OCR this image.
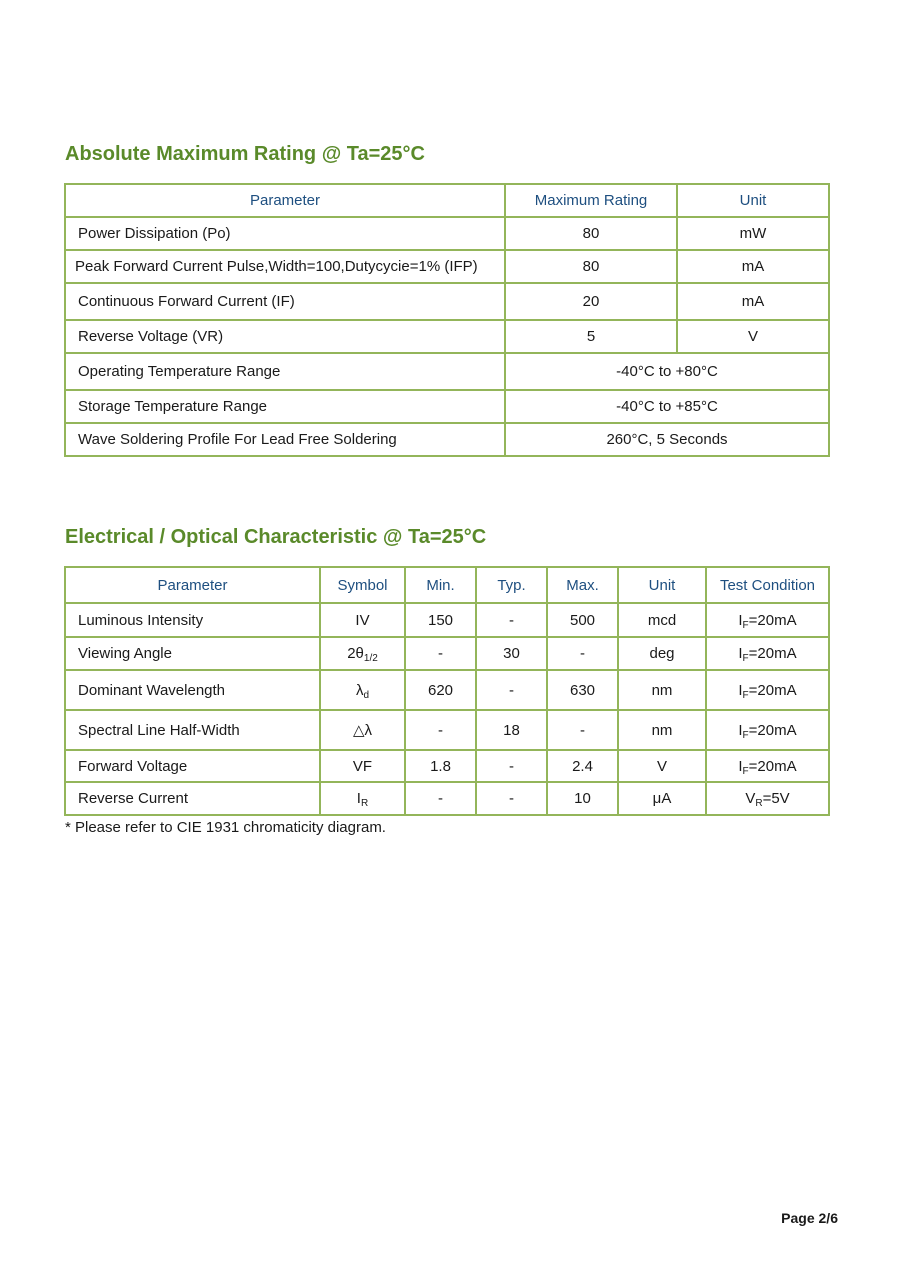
Absolute Maximum Rating @ Ta=25°C
Parameter	Maximum Rating	Unit
Power Dissipation (Po)	80	mW
Peak Forward Current Pulse,Width=100,Dutycycie=1% (IFP)	80	mA
Continuous Forward Current (IF)	20	mA
Reverse Voltage (VR)	5	V
Operating Temperature Range	-40°C to +80°C	
Storage Temperature Range	-40°C to +85°C	
Wave Soldering Profile For Lead Free Soldering	260°C, 5 Seconds	
Electrical / Optical Characteristic @ Ta=25°C
Parameter	Symbol	Min.	Typ.	Max.	Unit	Test Condition
Luminous Intensity	IV	150	-	500	mcd	$I_F=20mA$
Viewing Angle	$2\theta_{1/2}$	-	30	-	deg	$I_F=20mA$
Dominant Wavelength	$\lambda_d$	620	-	630	nm	$I_F=20mA$
Spectral Line Half-Width	△λ	-	18	-	nm	$I_F=20mA$
Forward Voltage	VF	1.8	-	2.4	V	$I_F=20mA$
Reverse Current	$I_R$	-	-	10	μA	$V_R=5V$

* Please refer to CIE 1931 chromaticity diagram.

Page 2/6
